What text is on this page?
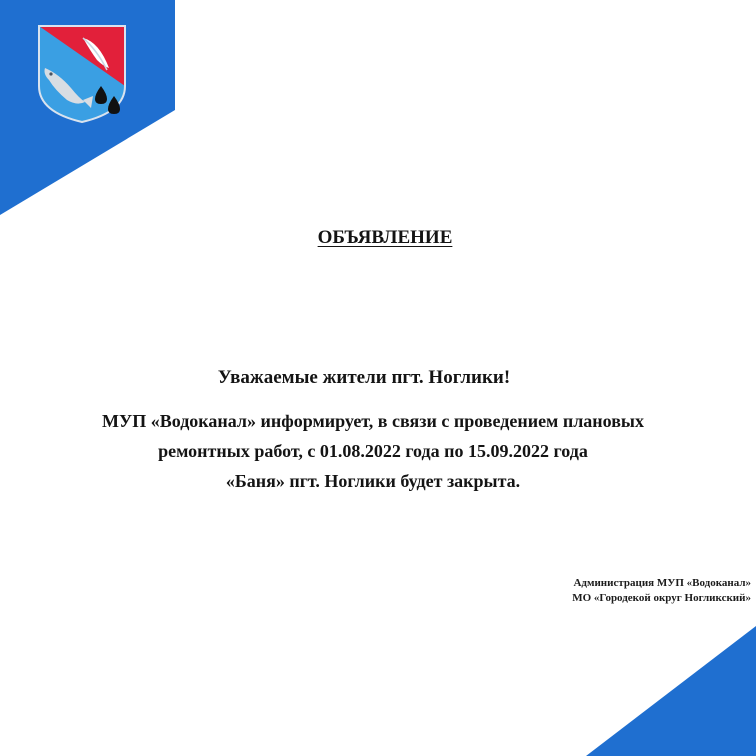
ОБЪЯВЛЕНИЕ
Уважаемые жители пгт. Ноглики!
МУП «Водоканал» информирует, в связи с проведением плановых
ремонтных работ, с 01.08.2022 года по 15.09.2022 года
«Баня» пгт. Ноглики будет закрыта.
Администрация МУП «Водоканал»
МО «Городекой округ Ногликский»
